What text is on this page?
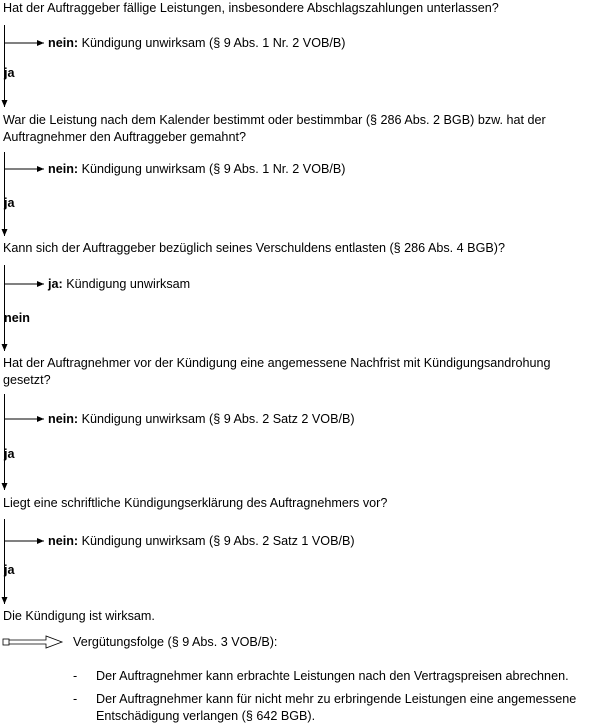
Hat der Auftraggeber fällige Leistungen, insbesondere Abschlagszahlungen unterlassen?
nein: Kündigung unwirksam (§ 9 Abs. 1 Nr. 2 VOB/B)
ja
War die Leistung nach dem Kalender bestimmt oder bestimmbar (§ 286 Abs. 2 BGB) bzw. hat der Auftragnehmer den Auftraggeber gemahnt?
nein: Kündigung unwirksam (§ 9 Abs. 1 Nr. 2 VOB/B)
ja
Kann sich der Auftraggeber bezüglich seines Verschuldens entlasten (§ 286 Abs. 4 BGB)?
ja: Kündigung unwirksam
nein
Hat der Auftragnehmer vor der Kündigung eine angemessene Nachfrist mit Kündigungsandrohung gesetzt?
nein: Kündigung unwirksam (§ 9 Abs. 2 Satz 2 VOB/B)
ja
Liegt eine schriftliche Kündigungserklärung des Auftragnehmers vor?
nein: Kündigung unwirksam (§ 9 Abs. 2 Satz 1 VOB/B)
ja
Die Kündigung ist wirksam.
Vergütungsfolge (§ 9 Abs. 3 VOB/B):
- Der Auftragnehmer kann erbrachte Leistungen nach den Vertragspreisen abrechnen.
- Der Auftragnehmer kann für nicht mehr zu erbringende Leistungen eine angemessene Entschädigung verlangen (§ 642 BGB).
